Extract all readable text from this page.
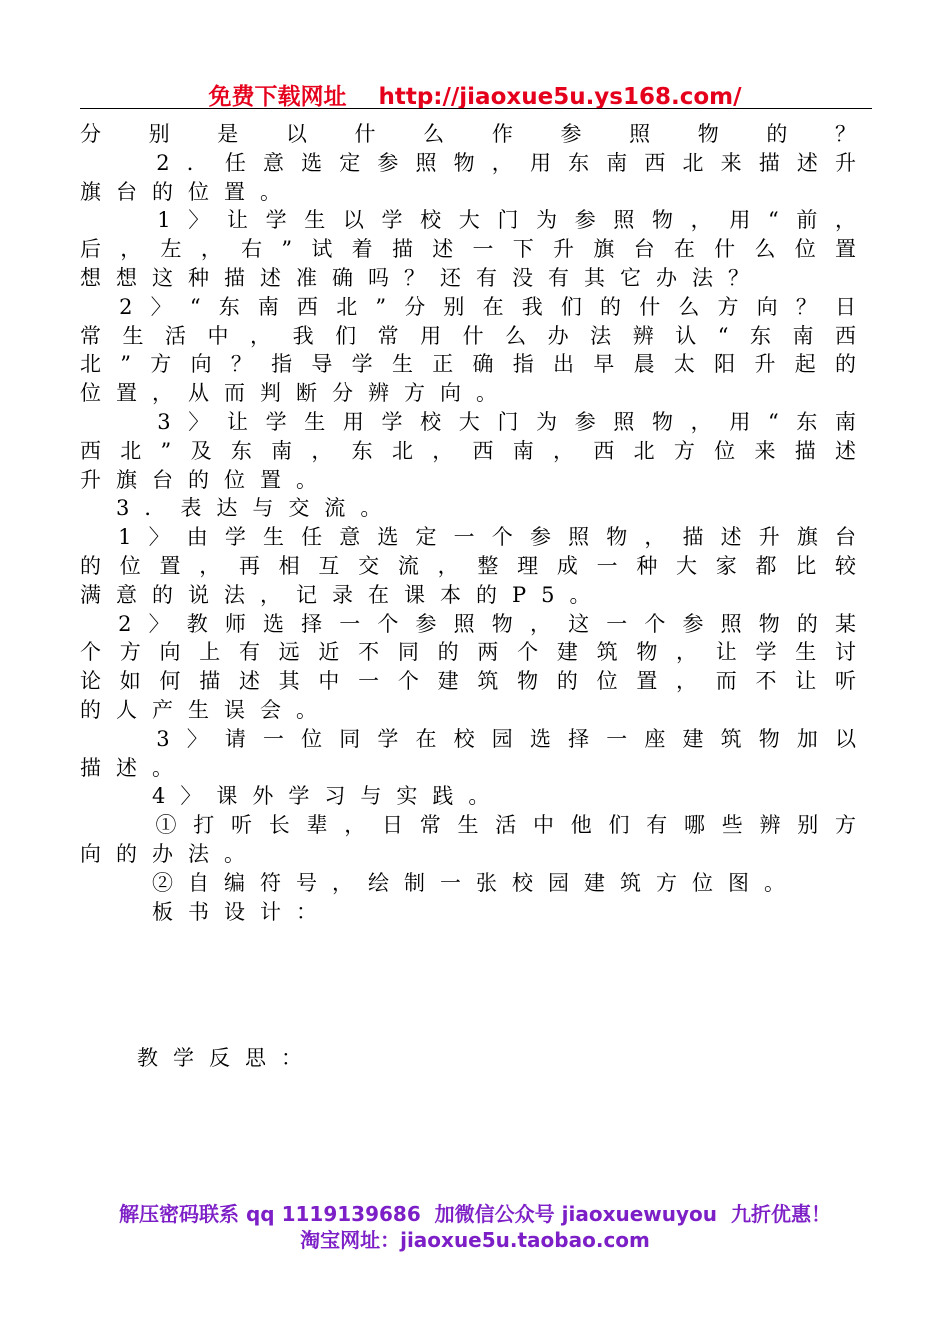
免费下载网址    http://jiaoxue5u.ys168.com/
分别是以什么作参照物的？
　　2．任意选定参照物，用东南西北来描述升
旗台的位置。
　　1〉让学生以学校大门为参照物，用“前，
后，左，右”试着描述一下升旗台在什么位置
想想这种描述准确吗？还有没有其它办法？
　2〉“东南西北”分别在我们的什么方向？日
常生活中，我们常用什么办法辨认“东南西
北”方向？指导学生正确指出早晨太阳升起的
位置，从而判断分辨方向。
　　3〉让学生用学校大门为参照物，用“东南
西北”及东南，东北，西南，西北方位来描述
升旗台的位置。
　3．表达与交流。
　1〉由学生任意选定一个参照物，描述升旗台
的位置，再相互交流，整理成一种大家都比较
满意的说法，记录在课本的P5。
　2〉教师选择一个参照物，这一个参照物的某
个方向上有远近不同的两个建筑物，让学生讨
论如何描述其中一个建筑物的位置，而不让听
的人产生误会。
　　3〉请一位同学在校园选择一座建筑物加以
描述。
　　4〉课外学习与实践。
　　①打听长辈，日常生活中他们有哪些辨别方
向的办法。
　　②自编符号，绘制一张校园建筑方位图。
　　板书设计：
教学反思：
解压密码联系 qq 1119139686  加微信公众号 jiaoxuewuyou  九折优惠！
淘宝网址：jiaoxue5u.taobao.com
